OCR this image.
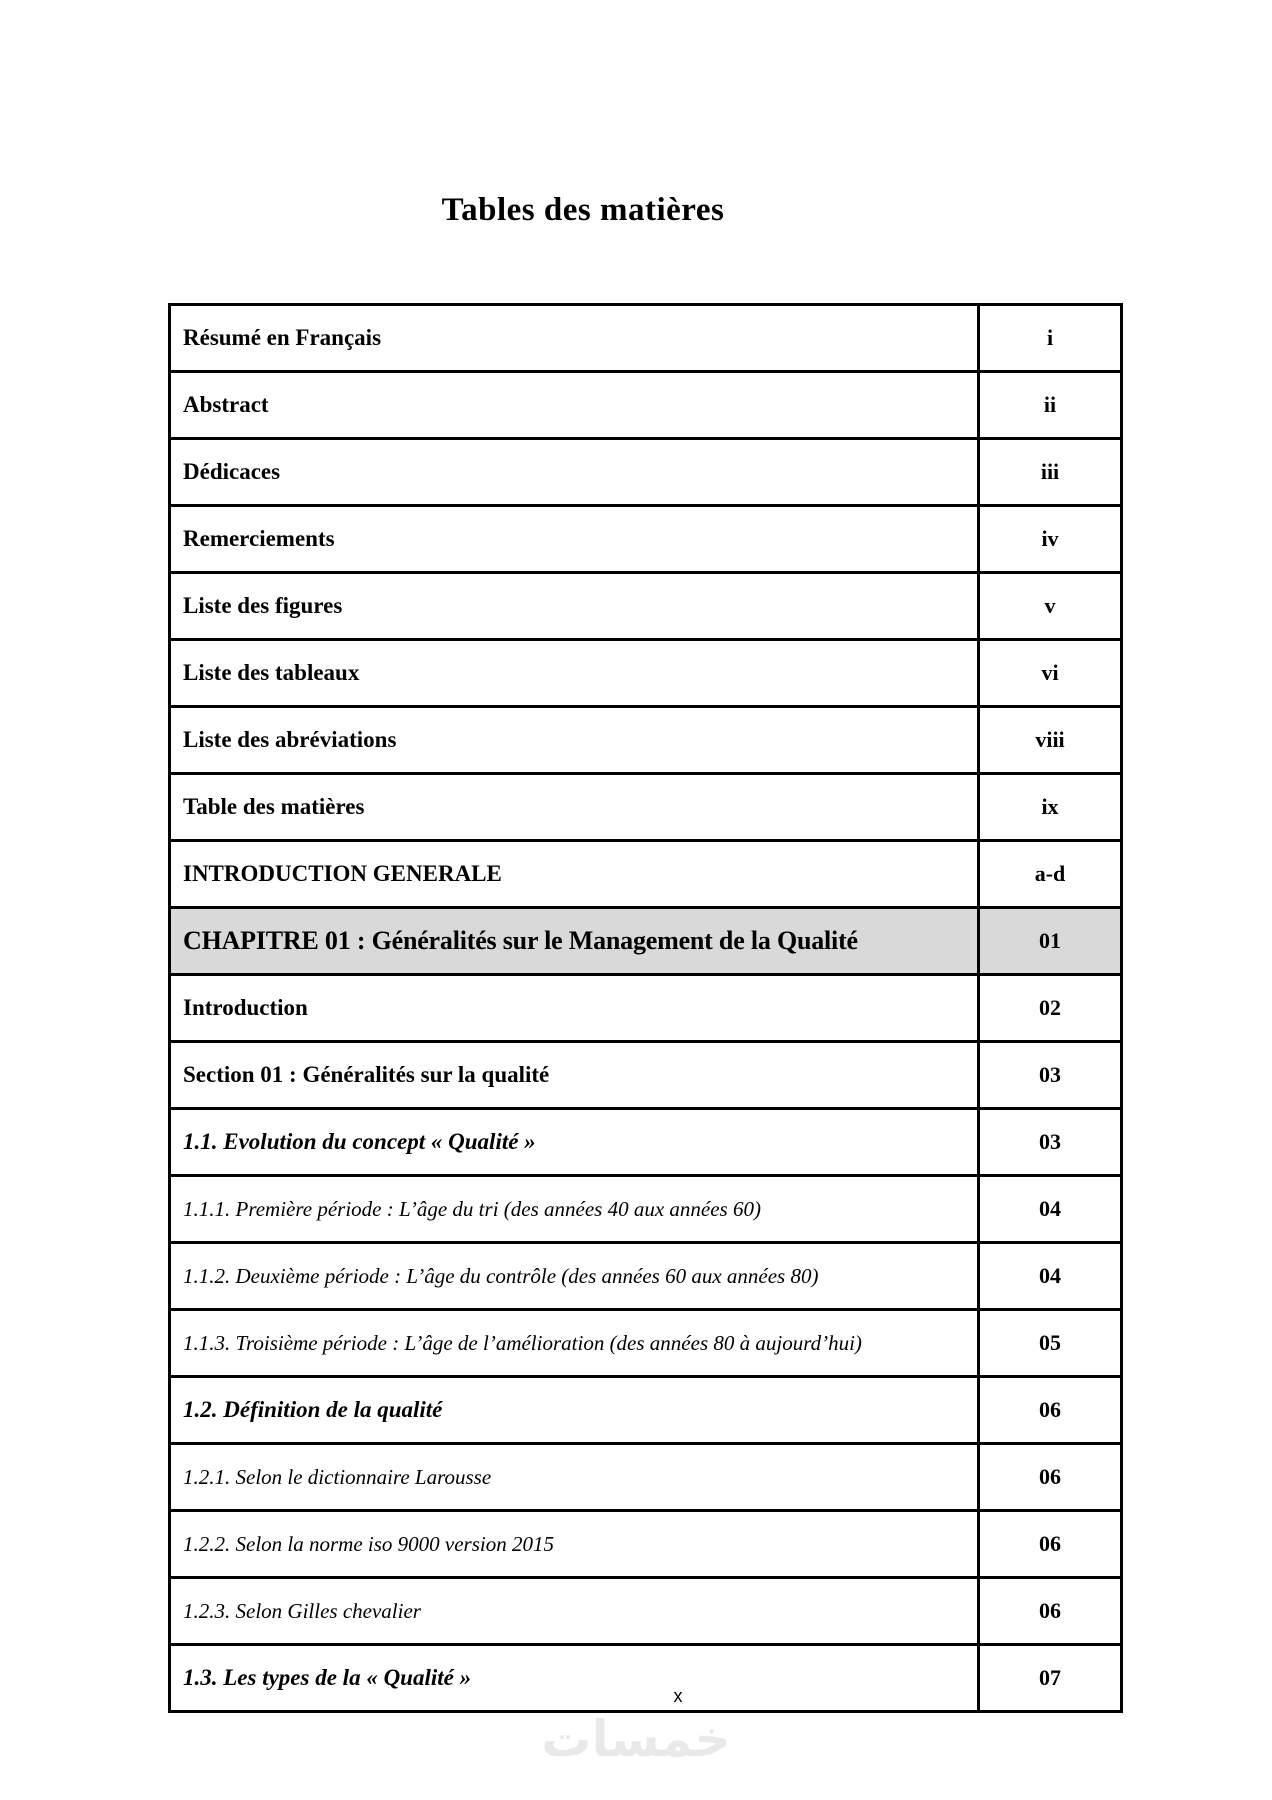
Tables des matières
Résumé en Français	i
Abstract	ii
Dédicaces	iii
Remerciements	iv
Liste des figures	v
Liste des tableaux	vi
Liste des abréviations	viii
Table des matières	ix
INTRODUCTION GENERALE	a-d
CHAPITRE 01 : Généralités sur le Management de la Qualité	01
Introduction	02
Section 01 : Généralités sur la qualité	03
1.1. Evolution du concept « Qualité »	03
1.1.1. Première période : L’âge du tri (des années 40 aux années 60)	04
1.1.2. Deuxième période : L’âge du contrôle (des années 60 aux années 80)	04
1.1.3. Troisième période : L’âge de l’amélioration (des années 80 à aujourd’hui)	05
1.2. Définition de la qualité	06
1.2.1. Selon le dictionnaire Larousse	06
1.2.2. Selon la norme iso 9000 version 2015	06
1.2.3. Selon Gilles chevalier	06
1.3. Les types de la « Qualité »	07
x
خمسات
